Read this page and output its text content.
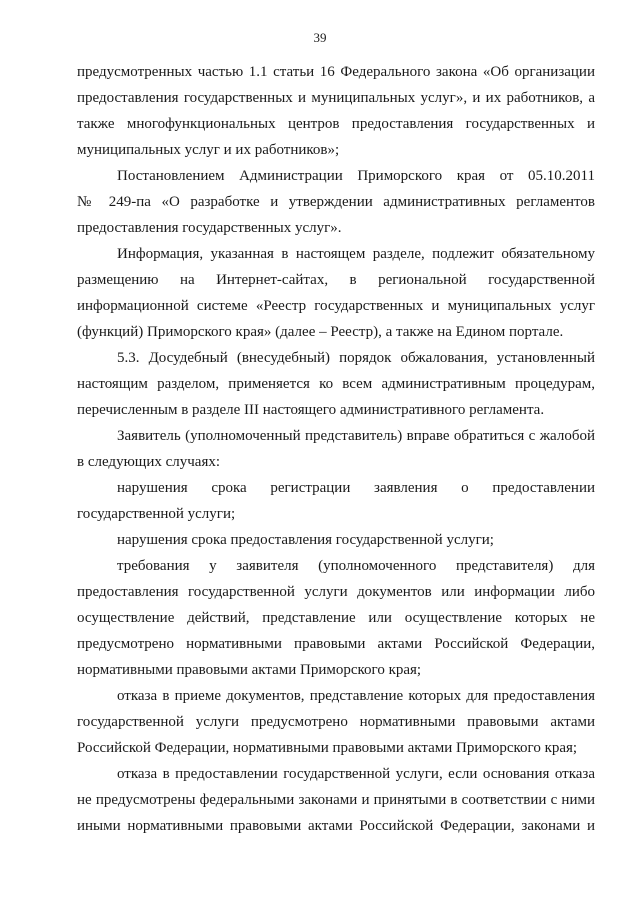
39
предусмотренных частью 1.1 статьи 16 Федерального закона «Об организации
предоставления государственных и муниципальных услуг», и их работников, а
также многофункциональных центров предоставления государственных и
муниципальных услуг и их работников»;
Постановлением Администрации Приморского края от 05.10.2011
№ 249-па «О разработке и утверждении административных регламентов
предоставления государственных услуг».
Информация, указанная в настоящем разделе, подлежит обязательному
размещению на Интернет-сайтах, в региональной государственной
информационной системе «Реестр государственных и муниципальных услуг
(функций) Приморского края» (далее – Реестр), а также на Едином портале.
5.3. Досудебный (внесудебный) порядок обжалования, установленный
настоящим разделом, применяется ко всем административным процедурам,
перечисленным в разделе III настоящего административного регламента.
Заявитель (уполномоченный представитель) вправе обратиться с жалобой
в следующих случаях:
нарушения срока регистрации заявления о предоставлении
государственной услуги;
нарушения срока предоставления государственной услуги;
требования у заявителя (уполномоченного представителя) для
предоставления государственной услуги документов или информации либо
осуществление действий, представление или осуществление которых не
предусмотрено нормативными правовыми актами Российской Федерации,
нормативными правовыми актами Приморского края;
отказа в приеме документов, представление которых для предоставления
государственной услуги предусмотрено нормативными правовыми актами
Российской Федерации, нормативными правовыми актами Приморского края;
отказа в предоставлении государственной услуги, если основания отказа
не предусмотрены федеральными законами и принятыми в соответствии с ними
иными нормативными правовыми актами Российской Федерации, законами и
